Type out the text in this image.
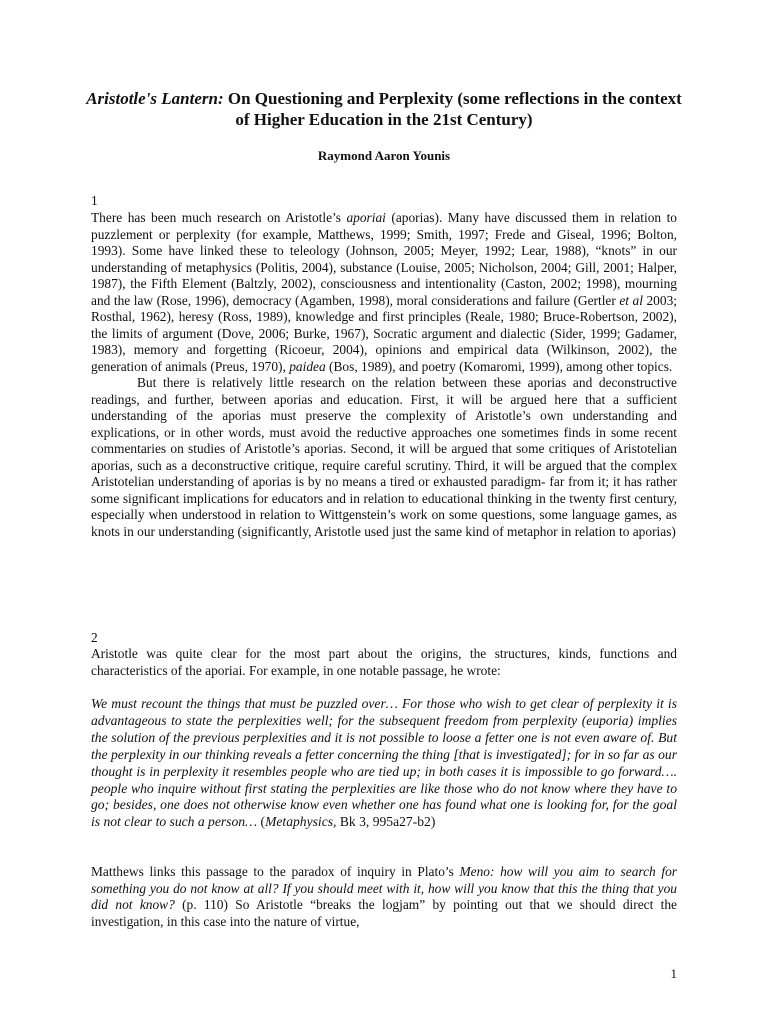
Aristotle's Lantern: On Questioning and Perplexity (some reflections in the context of Higher Education in the 21st Century)
Raymond Aaron Younis
1

There has been much research on Aristotle’s aporiai (aporias). Many have discussed them in relation to puzzlement or perplexity (for example, Matthews, 1999; Smith, 1997; Frede and Giseal, 1996; Bolton, 1993). Some have linked these to teleology (Johnson, 2005; Meyer, 1992; Lear, 1988), “knots” in our understanding of metaphysics (Politis, 2004), substance (Louise, 2005; Nicholson, 2004; Gill, 2001; Halper, 1987), the Fifth Element (Baltzly, 2002), consciousness and intentionality (Caston, 2002; 1998), mourning and the law (Rose, 1996), democracy (Agamben, 1998), moral considerations and failure (Gertler et al 2003; Rosthal, 1962), heresy (Ross, 1989), knowledge and first principles (Reale, 1980; Bruce-Robertson, 2002), the limits of argument (Dove, 2006; Burke, 1967), Socratic argument and dialectic (Sider, 1999; Gadamer, 1983), memory and forgetting (Ricoeur, 2004), opinions and empirical data (Wilkinson, 2002), the generation of animals (Preus, 1970), paidea (Bos, 1989), and poetry (Komaromi, 1999), among other topics.

But there is relatively little research on the relation between these aporias and deconstructive readings, and further, between aporias and education. First, it will be argued here that a sufficient understanding of the aporias must preserve the complexity of Aristotle’s own understanding and explications, or in other words, must avoid the reductive approaches one sometimes finds in some recent commentaries on studies of Aristotle’s aporias. Second, it will be argued that some critiques of Aristotelian aporias, such as a deconstructive critique, require careful scrutiny. Third, it will be argued that the complex Aristotelian understanding of aporias is by no means a tired or exhausted paradigm- far from it; it has rather some significant implications for educators and in relation to educational thinking in the twenty first century, especially when understood in relation to Wittgenstein’s work on some questions, some language games, as knots in our understanding (significantly, Aristotle used just the same kind of metaphor in relation to aporias)

2

Aristotle was quite clear for the most part about the origins, the structures, kinds, functions and characteristics of the aporiai. For example, in one notable passage, he wrote:

We must recount the things that must be puzzled over… For those who wish to get clear of perplexity it is advantageous to state the perplexities well; for the subsequent freedom from perplexity (euporia) implies the solution of the previous perplexities and it is not possible to loose a fetter one is not even aware of. But the perplexity in our thinking reveals a fetter concerning the thing [that is investigated]; for in so far as our thought is in perplexity it resembles people who are tied up; in both cases it is impossible to go forward…. people who inquire without first stating the perplexities are like those who do not know where they have to go; besides, one does not otherwise know even whether one has found what one is looking for, for the goal is not clear to such a person… (Metaphysics, Bk 3, 995a27-b2)

Matthews links this passage to the paradox of inquiry in Plato’s Meno: how will you aim to search for something you do not know at all? If you should meet with it, how will you know that this the thing that you did not know? (p. 110) So Aristotle “breaks the logjam” by pointing out that we should direct the investigation, in this case into the nature of virtue,

1
